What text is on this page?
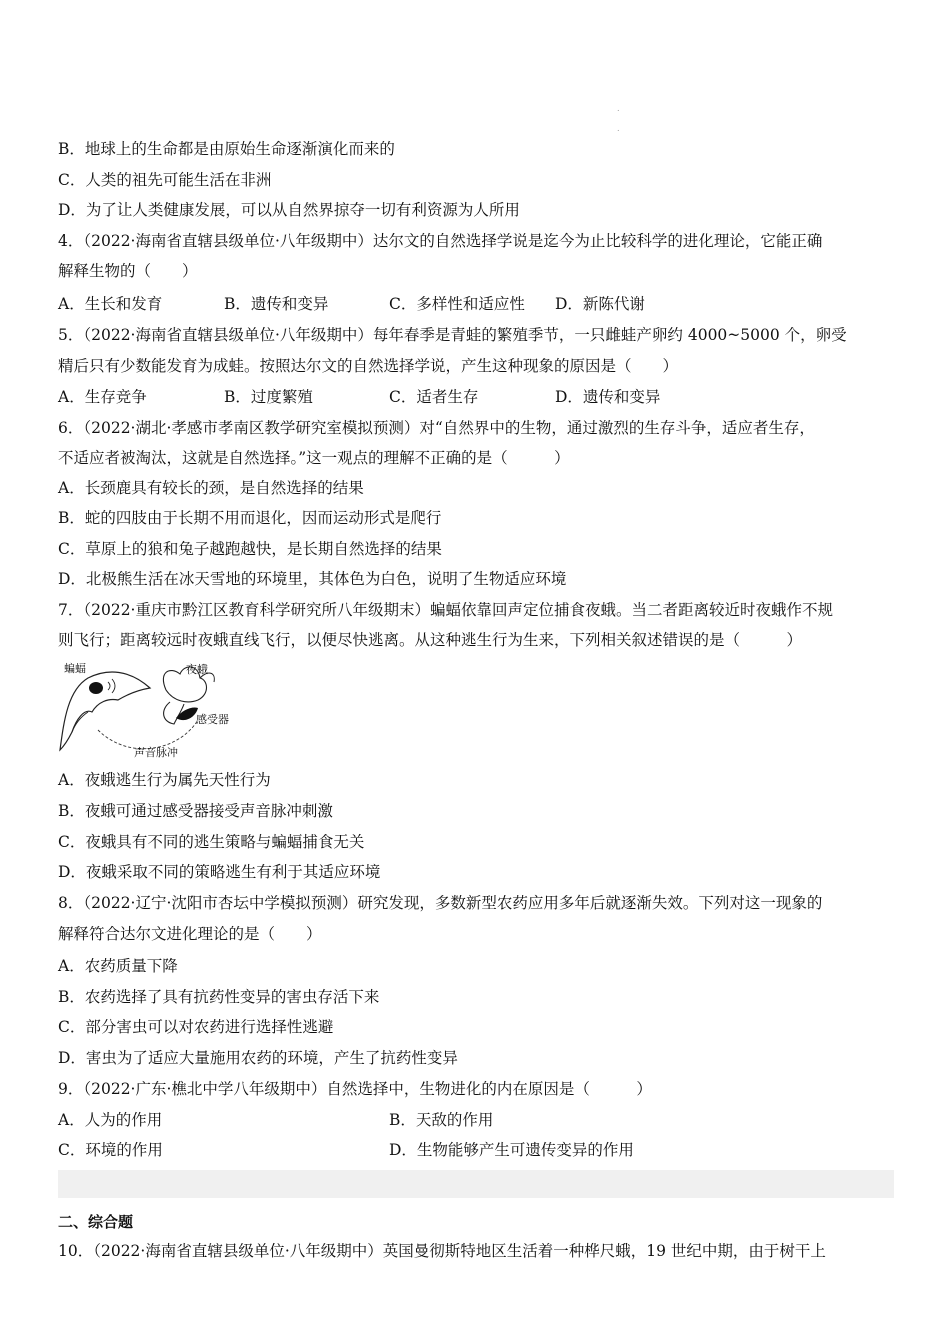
.
.
B．地球上的生命都是由原始生命逐渐演化而来的
C．人类的祖先可能生活在非洲
D．为了让人类健康发展，可以从自然界掠夺一切有利资源为人所用
4．（2022·海南省直辖县级单位·八年级期中）达尔文的自然选择学说是迄今为止比较科学的进化理论，它能正确
解释生物的（　　）
A．生长和发育	B．遗传和变异	C．多样性和适应性 D．新陈代谢
5．（2022·海南省直辖县级单位·八年级期中）每年春季是青蛙的繁殖季节，一只雌蛙产卵约 4000~5000 个，卵受
精后只有少数能发育为成蛙。按照达尔文的自然选择学说，产生这种现象的原因是（　　）
A．生存竞争	B．过度繁殖	C．适者生存	D．遗传和变异
6．（2022·湖北·孝感市孝南区教学研究室模拟预测）对“自然界中的生物，通过激烈的生存斗争，适应者生存，
不适应者被淘汰，这就是自然选择。”这一观点的理解不正确的是（　　　）
A．长颈鹿具有较长的颈，是自然选择的结果
B．蛇的四肢由于长期不用而退化，因而运动形式是爬行
C．草原上的狼和兔子越跑越快，是长期自然选择的结果
D．北极熊生活在冰天雪地的环境里，其体色为白色，说明了生物适应环境
7．（2022·重庆市黔江区教育科学研究所八年级期末）蝙蝠依靠回声定位捕食夜蛾。当二者距离较近时夜蛾作不规
则飞行；距离较远时夜蛾直线飞行，以便尽快逃离。从这种逃生行为生来，下列相关叙述错误的是（　　　）
A．夜蛾逃生行为属先天性行为
B．夜蛾可通过感受器接受声音脉冲刺激
C．夜蛾具有不同的逃生策略与蝙蝠捕食无关
D．夜蛾采取不同的策略逃生有利于其适应环境
8．（2022·辽宁·沈阳市杏坛中学模拟预测）研究发现，多数新型农药应用多年后就逐渐失效。下列对这一现象的
解释符合达尔文进化理论的是（　　）
A．农药质量下降
B．农药选择了具有抗药性变异的害虫存活下来
C．部分害虫可以对农药进行选择性逃避
D．害虫为了适应大量施用农药的环境，产生了抗药性变异
9．（2022·广东·樵北中学八年级期中）自然选择中，生物进化的内在原因是（　　　）
A．人为的作用	B．天敌的作用
C．环境的作用	D．生物能够产生可遗传变异的作用
二、综合题
10．（2022·海南省直辖县级单位·八年级期中）英国曼彻斯特地区生活着一种桦尺蛾，19 世纪中期，由于树干上
蝙蝠	夜蛾
感受器
声音脉冲
